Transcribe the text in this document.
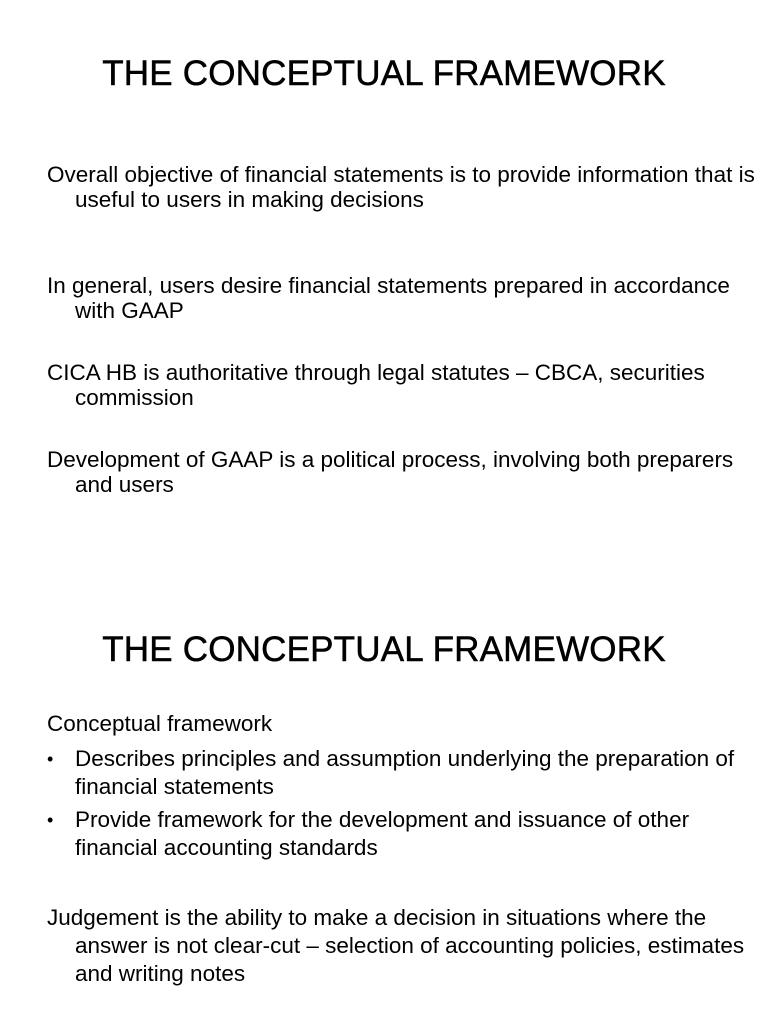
THE CONCEPTUAL FRAMEWORK

Overall objective of financial statements is to provide information that is useful to users in making decisions

In general, users desire financial statements prepared in accordance with GAAP

CICA HB is authoritative through legal statutes – CBCA, securities commission

Development of GAAP is a political process, involving both preparers and users

THE CONCEPTUAL FRAMEWORK

Conceptual framework

• Describes principles and assumption underlying the preparation of financial statements
• Provide framework for the development and issuance of other financial accounting standards

Judgement is the ability to make a decision in situations where the answer is not clear-cut – selection of accounting policies, estimates and writing notes
